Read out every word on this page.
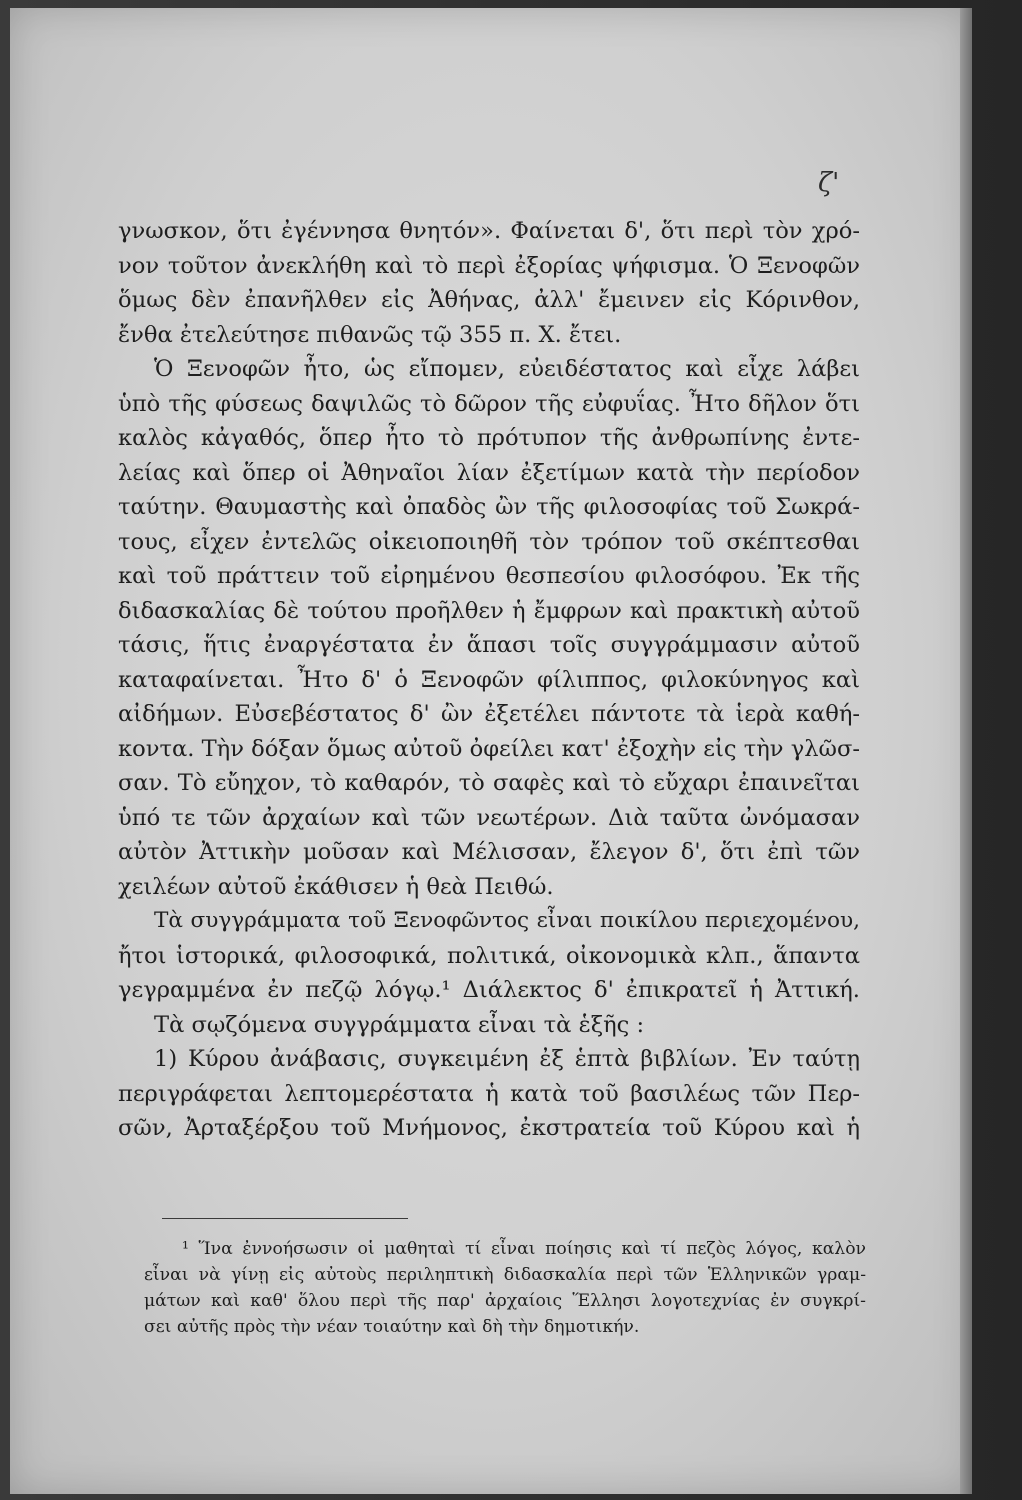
ζ'
γνωσκον, ὅτι ἐγέννησα θνητόν». Φαίνεται δ', ὅτι περὶ τὸν χρό-
νον τοῦτον ἀνεκλήθη καὶ τὸ περὶ ἐξορίας ψήφισμα. Ὁ Ξενοφῶν
ὅμως δὲν ἐπανῆλθεν εἰς Ἀθήνας, ἀλλ' ἔμεινεν εἰς Κόρινθον,
ἔνθα ἐτελεύτησε πιθανῶς τῷ 355 π. Χ. ἔτει.
Ὁ Ξενοφῶν ἦτο, ὡς εἴπομεν, εὐειδέστατος καὶ εἶχε λάβει
ὑπὸ τῆς φύσεως δαψιλῶς τὸ δῶρον τῆς εὐφυΐας. Ἦτο δῆλον ὅτι
καλὸς κἀγαθός, ὅπερ ἦτο τὸ πρότυπον τῆς ἀνθρωπίνης ἐντε-
λείας καὶ ὅπερ οἱ Ἀθηναῖοι λίαν ἐξετίμων κατὰ τὴν περίοδον
ταύτην. Θαυμαστὴς καὶ ὀπαδὸς ὢν τῆς φιλοσοφίας τοῦ Σωκρά-
τους, εἶχεν ἐντελῶς οἰκειοποιηθῆ τὸν τρόπον τοῦ σκέπτεσθαι
καὶ τοῦ πράττειν τοῦ εἰρημένου θεσπεσίου φιλοσόφου. Ἐκ τῆς
διδασκαλίας δὲ τούτου προῆλθεν ἡ ἔμφρων καὶ πρακτικὴ αὐτοῦ
τάσις, ἥτις ἐναργέστατα ἐν ἅπασι τοῖς συγγράμμασιν αὐτοῦ
καταφαίνεται. Ἦτο δ' ὁ Ξενοφῶν φίλιππος, φιλοκύνηγος καὶ
αἰδήμων. Εὐσεβέστατος δ' ὢν ἐξετέλει πάντοτε τὰ ἱερὰ καθή-
κοντα. Τὴν δόξαν ὅμως αὐτοῦ ὀφείλει κατ' ἐξοχὴν εἰς τὴν γλῶσ-
σαν. Τὸ εὔηχον, τὸ καθαρόν, τὸ σαφὲς καὶ τὸ εὔχαρι ἐπαινεῖται
ὑπό τε τῶν ἀρχαίων καὶ τῶν νεωτέρων. Διὰ ταῦτα ὠνόμασαν
αὐτὸν Ἀττικὴν μοῦσαν καὶ Μέλισσαν, ἔλεγον δ', ὅτι ἐπὶ τῶν
χειλέων αὐτοῦ ἐκάθισεν ἡ θεὰ Πειθώ.
Τὰ συγγράμματα τοῦ Ξενοφῶντος εἶναι ποικίλου περιεχομένου,
ἤτοι ἱστορικά, φιλοσοφικά, πολιτικά, οἰκονομικὰ κλπ., ἅπαντα
γεγραμμένα ἐν πεζῷ λόγῳ.¹ Διάλεκτος δ' ἐπικρατεῖ ἡ Ἀττική.
Τὰ σῳζόμενα συγγράμματα εἶναι τὰ ἑξῆς :
1) Κύρου ἀνάβασις, συγκειμένη ἐξ ἑπτὰ βιβλίων. Ἐν ταύτῃ
περιγράφεται λεπτομερέστατα ἡ κατὰ τοῦ βασιλέως τῶν Περ-
σῶν, Ἀρταξέρξου τοῦ Μνήμονος, ἐκστρατεία τοῦ Κύρου καὶ ἡ
¹ Ἵνα ἐννοήσωσιν οἱ μαθηταὶ τί εἶναι ποίησις καὶ τί πεζὸς λόγος, καλὸν
εἶναι νὰ γίνῃ εἰς αὐτοὺς περιληπτικὴ διδασκαλία περὶ τῶν Ἑλληνικῶν γραμ-
μάτων καὶ καθ' ὅλου περὶ τῆς παρ' ἀρχαίοις Ἕλλησι λογοτεχνίας ἐν συγκρί-
σει αὐτῆς πρὸς τὴν νέαν τοιαύτην καὶ δὴ τὴν δημοτικήν.
